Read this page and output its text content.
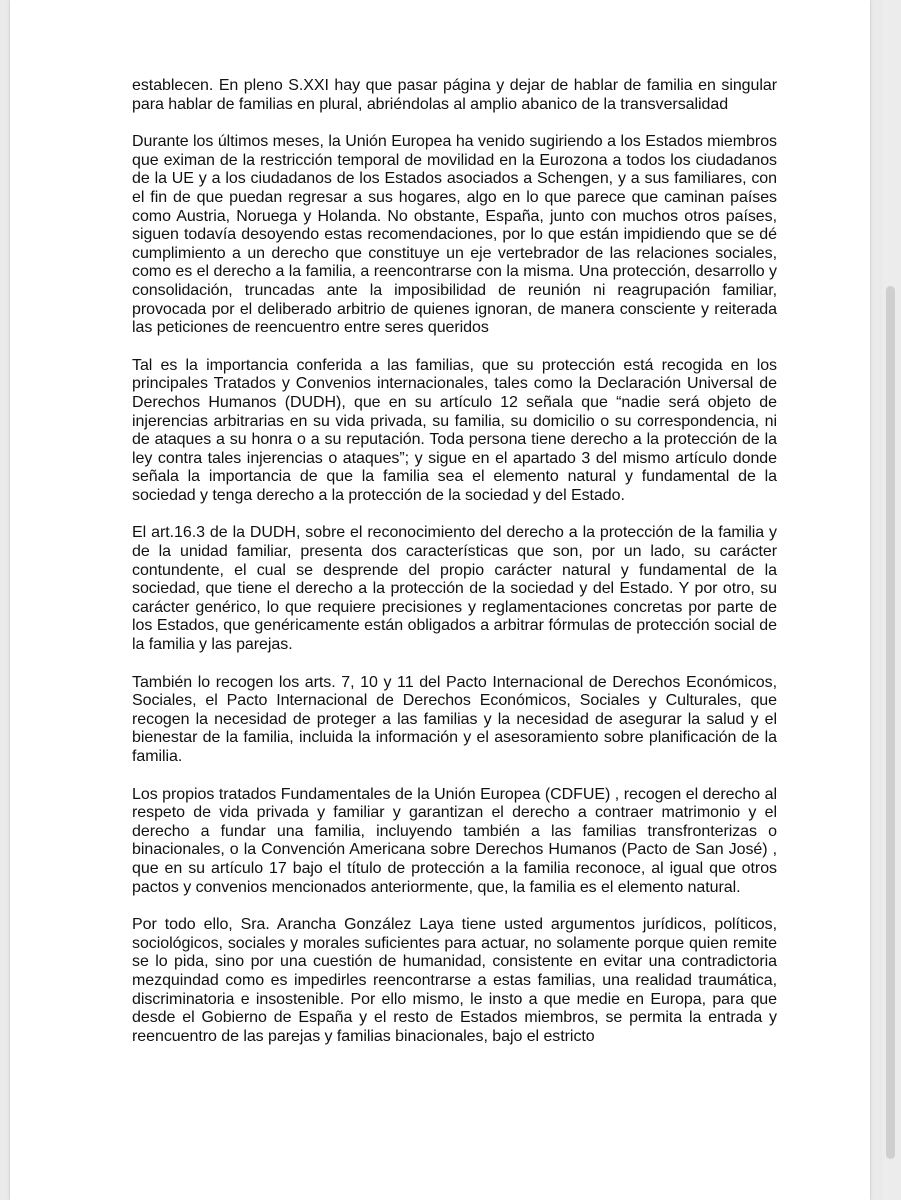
establecen. En pleno S.XXI hay que pasar página y dejar de hablar de familia en singular para hablar de familias en plural, abriéndolas al amplio abanico de la transversalidad

Durante los últimos meses, la Unión Europea ha venido sugiriendo a los Estados miembros que eximan de la restricción temporal de movilidad en la Eurozona a todos los ciudadanos de la UE y a los ciudadanos de los Estados asociados a Schengen, y a sus familiares, con el fin de que puedan regresar a sus hogares, algo en lo que parece que caminan países como Austria, Noruega y Holanda. No obstante, España, junto con muchos otros países, siguen todavía desoyendo estas recomendaciones, por lo que están impidiendo que se dé cumplimiento a un derecho que constituye un eje vertebrador de las relaciones sociales, como es el derecho a la familia, a reencontrarse con la misma. Una protección, desarrollo y consolidación, truncadas ante la imposibilidad de reunión ni reagrupación familiar, provocada por el deliberado arbitrio de quienes ignoran, de manera consciente y reiterada las peticiones de reencuentro entre seres queridos

Tal es la importancia conferida a las familias, que su protección está recogida en los principales Tratados y Convenios internacionales, tales como la Declaración Universal de Derechos Humanos (DUDH), que en su artículo 12 señala que “nadie será objeto de injerencias arbitrarias en su vida privada, su familia, su domicilio o su correspondencia, ni de ataques a su honra o a su reputación. Toda persona tiene derecho a la protección de la ley contra tales injerencias o ataques”; y sigue en el apartado 3 del mismo artículo donde señala la importancia de que la familia sea el elemento natural y fundamental de la sociedad y tenga derecho a la protección de la sociedad y del Estado.

El art.16.3 de la DUDH, sobre el reconocimiento del derecho a la protección de la familia y de la unidad familiar, presenta dos características que son, por un lado, su carácter contundente, el cual se desprende del propio carácter natural y fundamental de la sociedad, que tiene el derecho a la protección de la sociedad y del Estado. Y por otro, su carácter genérico, lo que requiere precisiones y reglamentaciones concretas por parte de los Estados, que genéricamente están obligados a arbitrar fórmulas de protección social de la familia y las parejas.

También lo recogen los arts. 7, 10 y 11 del Pacto Internacional de Derechos Económicos, Sociales, el Pacto Internacional de Derechos Económicos, Sociales y Culturales, que recogen la necesidad de proteger a las familias y la necesidad de asegurar la salud y el bienestar de la familia, incluida la información y el asesoramiento sobre planificación de la familia.

Los propios tratados Fundamentales de la Unión Europea (CDFUE) , recogen el derecho al respeto de vida privada y familiar y garantizan el derecho a contraer matrimonio y el derecho a fundar una familia, incluyendo también a las familias transfronterizas o binacionales, o la Convención Americana sobre Derechos Humanos (Pacto de San José) , que en su artículo 17 bajo el título de protección a la familia reconoce, al igual que otros pactos y convenios mencionados anteriormente, que, la familia es el elemento natural.

Por todo ello, Sra. Arancha González Laya tiene usted argumentos jurídicos, políticos, sociológicos, sociales y morales suficientes para actuar, no solamente porque quien remite se lo pida, sino por una cuestión de humanidad, consistente en evitar una contradictoria mezquindad como es impedirles reencontrarse a estas familias, una realidad traumática, discriminatoria e insostenible. Por ello mismo, le insto a que medie en Europa, para que desde el Gobierno de España y el resto de Estados miembros, se permita la entrada y reencuentro de las parejas y familias binacionales, bajo el estricto
